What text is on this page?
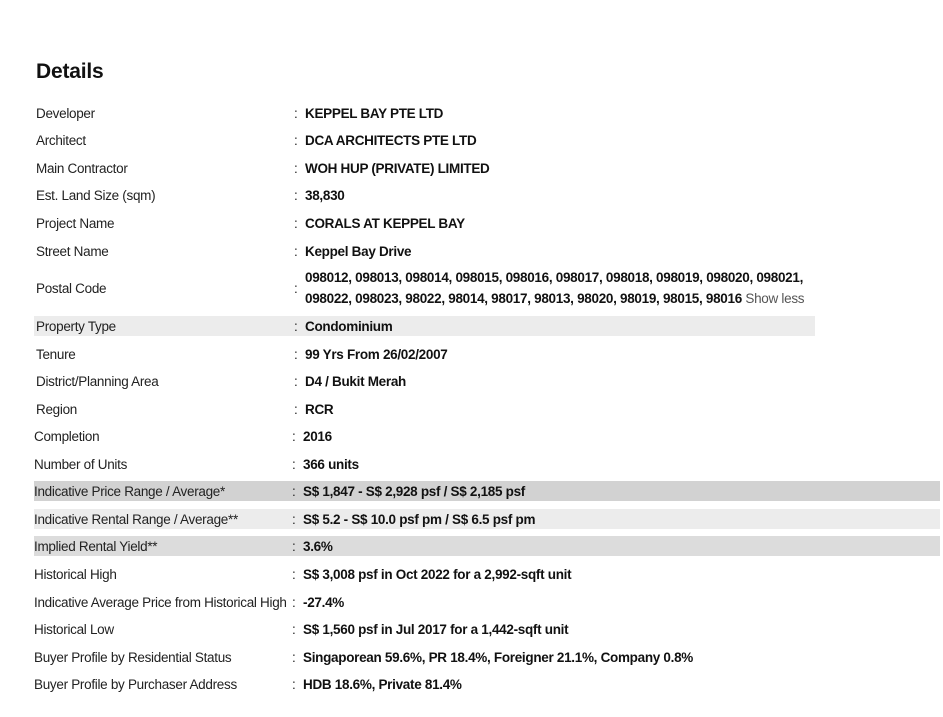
Details
Developer	: KEPPEL BAY PTE LTD
Architect	: DCA ARCHITECTS PTE LTD
Main Contractor	: WOH HUP (PRIVATE) LIMITED
Est. Land Size (sqm)	: 38,830
Project Name	: CORALS AT KEPPEL BAY
Street Name	: Keppel Bay Drive
Postal Code	:
098012, 098013, 098014, 098015, 098016, 098017, 098018, 098019, 098020, 098021, 098022, 098023, 98022, 98014, 98017, 98013, 98020, 98019, 98015, 98016 Show less
Property Type	: Condominium
Tenure	: 99 Yrs From 26/02/2007
District/Planning Area	: D4 / Bukit Merah
Region	: RCR
Completion	: 2016
Number of Units	: 366 units
Indicative Price Range / Average*	: S$ 1,847 - S$ 2,928 psf / S$ 2,185 psf
Indicative Rental Range / Average**	: S$ 5.2 - S$ 10.0 psf pm / S$ 6.5 psf pm
Implied Rental Yield**	: 3.6%
Historical High	: S$ 3,008 psf in Oct 2022 for a 2,992-sqft unit
Indicative Average Price from Historical High : -27.4%
Historical Low	: S$ 1,560 psf in Jul 2017 for a 1,442-sqft unit
Buyer Profile by Residential Status	: Singaporean 59.6%, PR 18.4%, Foreigner 21.1%, Company 0.8%
Buyer Profile by Purchaser Address	: HDB 18.6%, Private 81.4%
